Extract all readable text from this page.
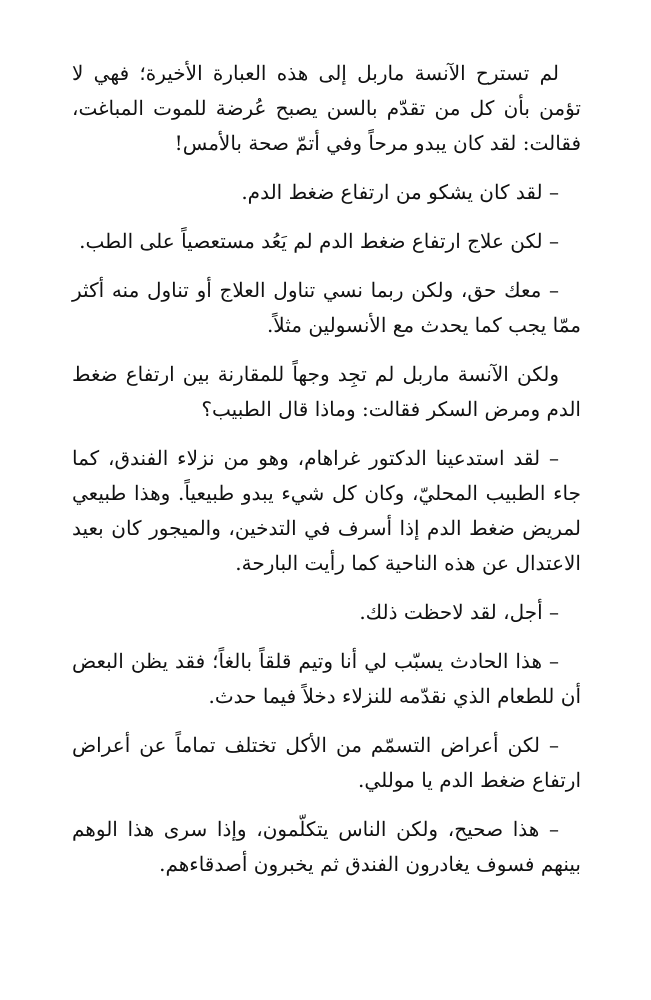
لم تسترح الآنسة ماربل إلى هذه العبارة الأخيرة؛ فهي لا تؤمن بأن كل من تقدّم بالسن يصبح عُرضة للموت المباغت، فقالت: لقد كان يبدو مرحاً وفي أتمّ صحة بالأمس!

– لقد كان يشكو من ارتفاع ضغط الدم.

– لكن علاج ارتفاع ضغط الدم لم يَعُد مستعصياً على الطب.

– معك حق، ولكن ربما نسي تناول العلاج أو تناول منه أكثر ممّا يجب كما يحدث مع الأنسولين مثلاً.

ولكن الآنسة ماربل لم تجِد وجهاً للمقارنة بين ارتفاع ضغط الدم ومرض السكر فقالت: وماذا قال الطبيب؟

– لقد استدعينا الدكتور غراهام، وهو من نزلاء الفندق، كما جاء الطبيب المحليّ، وكان كل شيء يبدو طبيعياً. وهذا طبيعي لمريض ضغط الدم إذا أسرف في التدخين، والميجور كان بعيد الاعتدال عن هذه الناحية كما رأيت البارحة.

– أجل، لقد لاحظت ذلك.

– هذا الحادث يسبّب لي أنا وتيم قلقاً بالغاً؛ فقد يظن البعض أن للطعام الذي نقدّمه للنزلاء دخلاً فيما حدث.

– لكن أعراض التسمّم من الأكل تختلف تماماً عن أعراض ارتفاع ضغط الدم يا موللي.

– هذا صحيح، ولكن الناس يتكلّمون، وإذا سرى هذا الوهم بينهم فسوف يغادرون الفندق ثم يخبرون أصدقاءهم.
